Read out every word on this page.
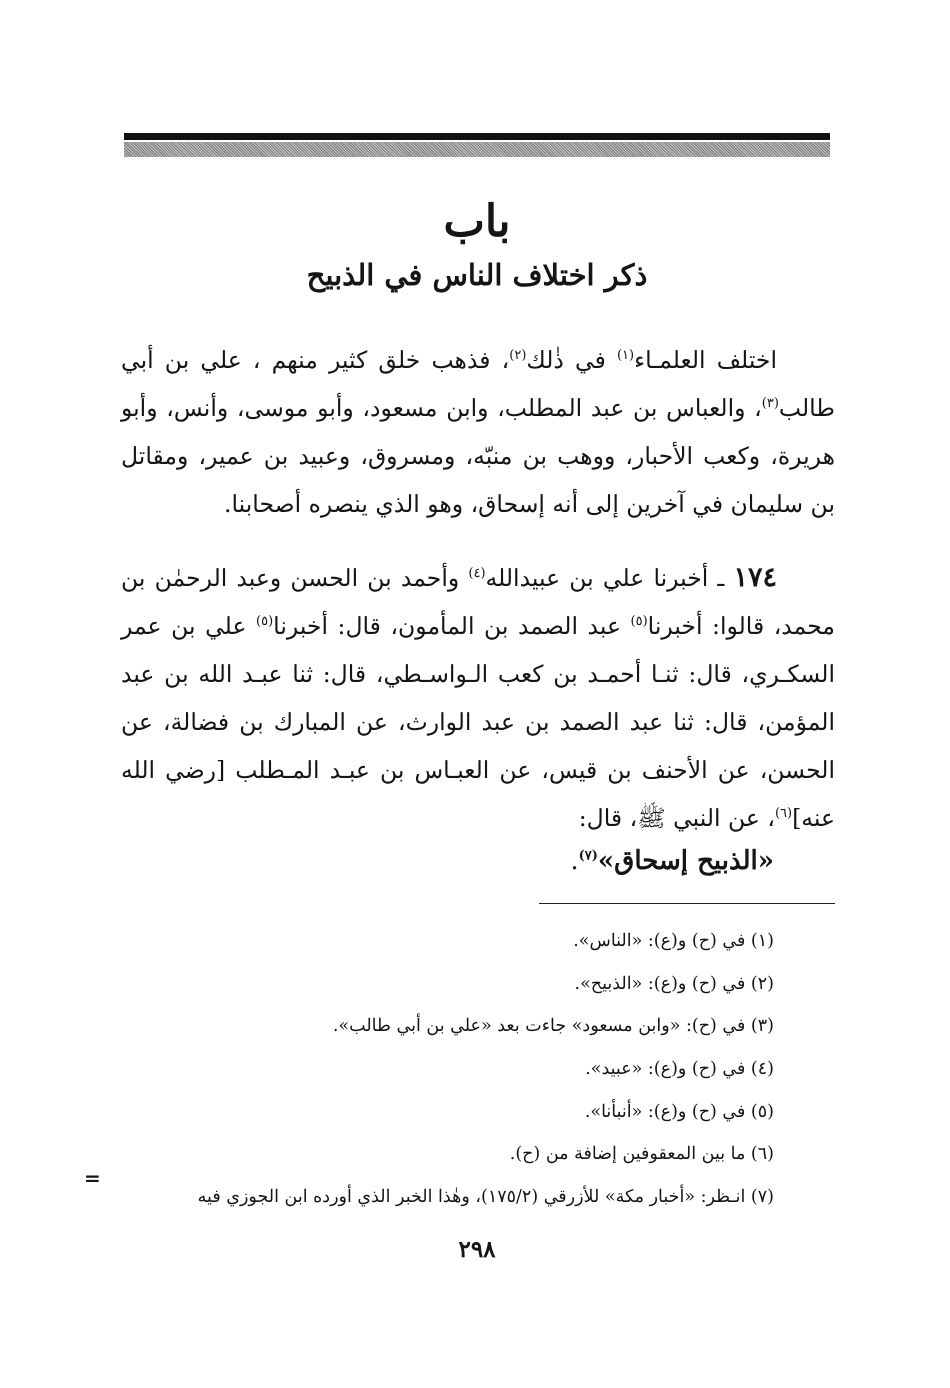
باب
ذكر اختلاف الناس في الذبيح

اختلف العلمـاء$^{(١)}$ في ذٰلك$^{(٢)}$، فذهب خلق كثير منهم ، علي بن أبي طالب$^{(٣)}$، والعباس بن عبد المطلب، وابن مسعود، وأبو موسى، وأنس، وأبو هريرة، وكعب الأحبار، ووهب بن منبّه، ومسروق، وعبيد بن عمير، ومقاتل بن سليمان في آخرين إلى أنه إسحاق، وهو الذي ينصره أصحابنا.

١٧٤ ـ أخبرنا علي بن عبيدالله$^{(٤)}$ وأحمد بن الحسن وعبد الرحمٰن بن محمد، قالوا: أخبرنا$^{(٥)}$ عبد الصمد بن المأمون، قال: أخبرنا$^{(٥)}$ علي بن عمر السكـري، قال: ثنـا أحمـد بن كعب الـواسـطي، قال: ثنا عبـد الله بن عبد المؤمن، قال: ثنا عبد الصمد بن عبد الوارث، عن المبارك بن فضالة، عن الحسن، عن الأحنف بن قيس، عن العبـاس بن عبـد المـطلب [رضي الله عنه]$^{(٦)}$، عن النبي ﷺ، قال:

«الذبيح إسحاق»$^{(٧)}$.

(١) في (ح) و(ع): «الناس».
(٢) في (ح) و(ع): «الذبيح».
(٣) في (ح): «وابن مسعود» جاءت بعد «علي بن أبي طالب».
(٤) في (ح) و(ع): «عبيد».
(٥) في (ح) و(ع): «أنبأنا».
(٦) ما بين المعقوفين إضافة من (ح).
(٧) انـظر: «أخبار مكة» للأزرقي (١٧٥/٢)، وهٰذا الخبر الذي أورده ابن الجوزي فيه
=

٢٩٨
